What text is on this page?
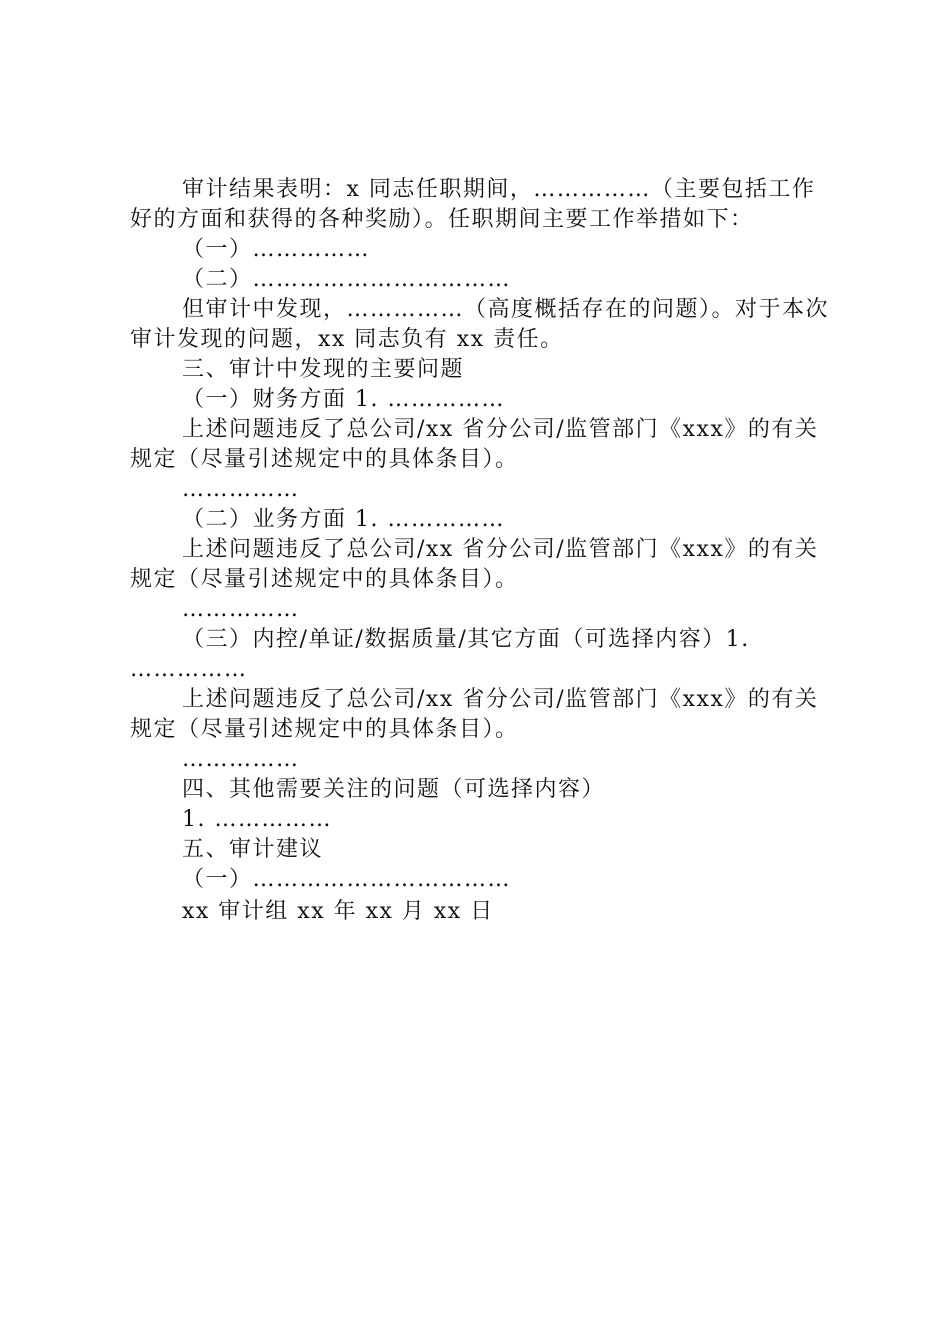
审计结果表明：x 同志任职期间，……………（主要包括工作好的方面和获得的各种奖励）。任职期间主要工作举措如下：

（一）……………

（二）……………………………

但审计中发现，……………（高度概括存在的问题）。对于本次审计发现的问题，xx 同志负有 xx 责任。

三、审计中发现的主要问题

（一）财务方面 1. ……………

上述问题违反了总公司/xx 省分公司/监管部门《xxx》的有关规定（尽量引述规定中的具体条目）。

……………

（二）业务方面 1. ……………

上述问题违反了总公司/xx 省分公司/监管部门《xxx》的有关规定（尽量引述规定中的具体条目）。

……………

（三）内控/单证/数据质量/其它方面（可选择内容）1. ……………

上述问题违反了总公司/xx 省分公司/监管部门《xxx》的有关规定（尽量引述规定中的具体条目）。

……………

四、其他需要关注的问题（可选择内容）

1. ……………

五、审计建议

（一）……………………………

xx 审计组 xx 年 xx 月 xx 日
